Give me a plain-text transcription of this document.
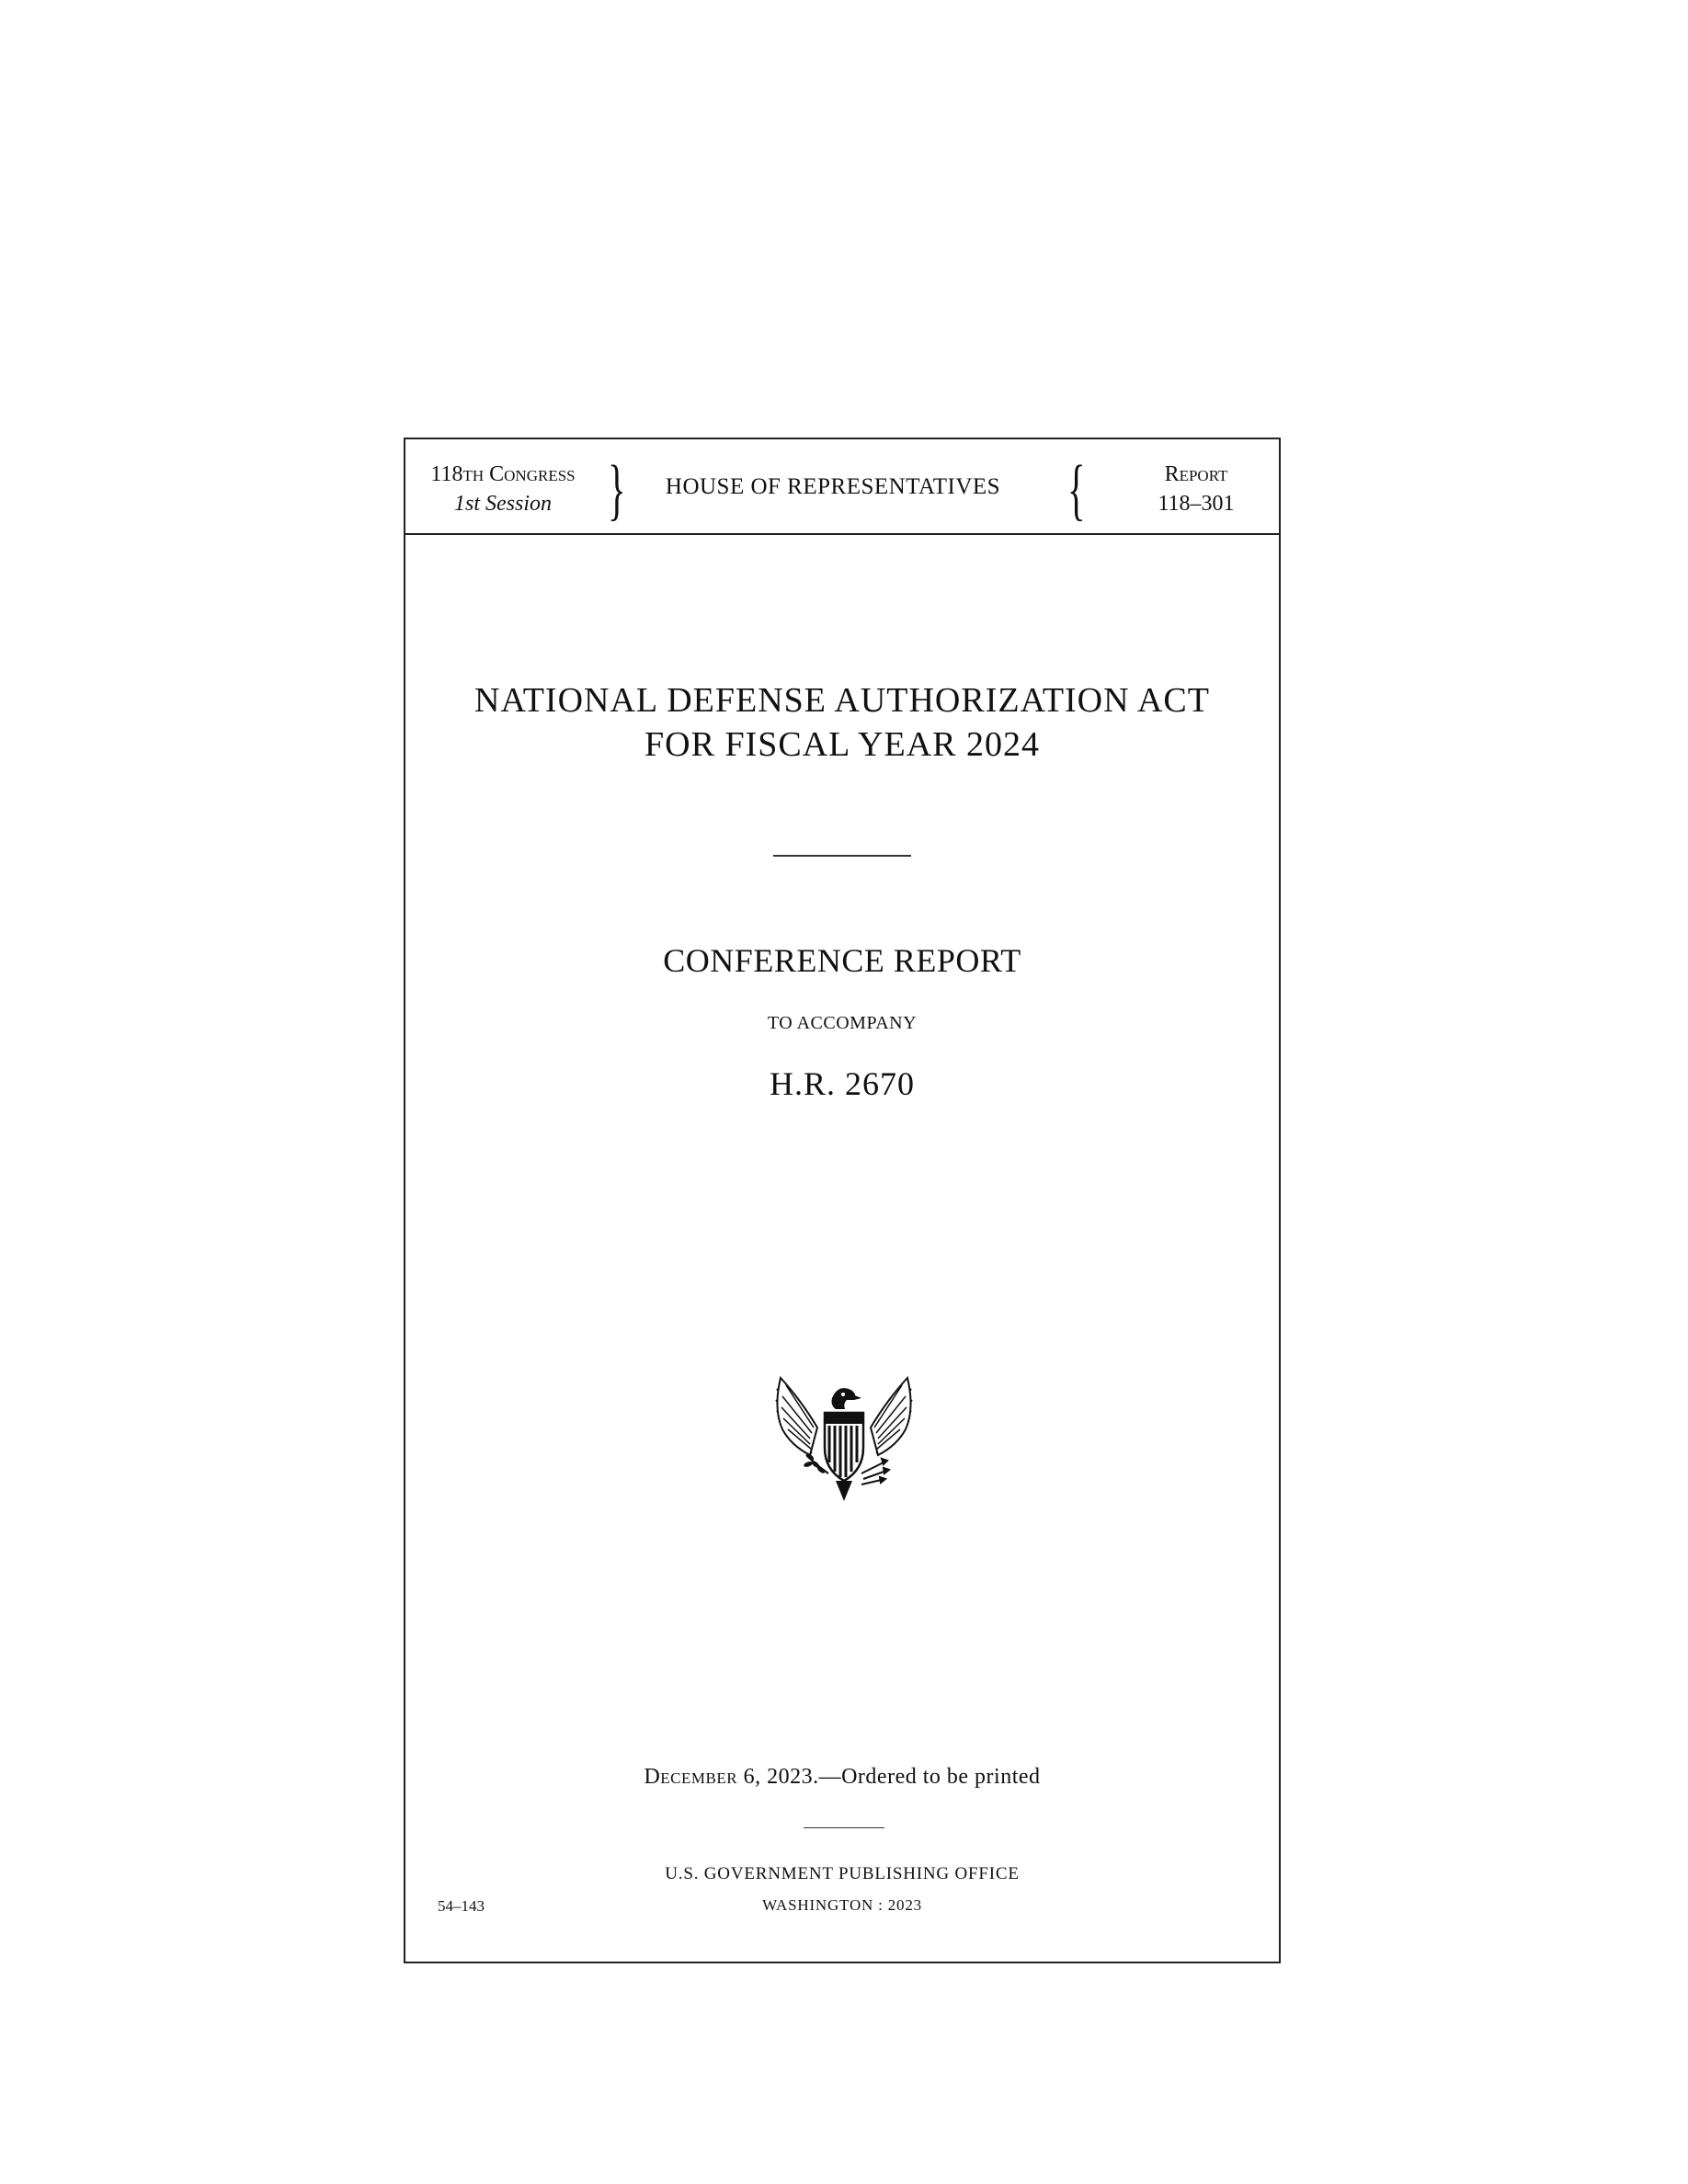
118th Congress
1st Session }	HOUSE OF REPRESENTATIVES {	Report
118–301
NATIONAL DEFENSE AUTHORIZATION ACT
FOR FISCAL YEAR 2024
CONFERENCE REPORT
TO ACCOMPANY
H.R. 2670
December 6, 2023.—Ordered to be printed
U.S. GOVERNMENT PUBLISHING OFFICE
WASHINGTON : 2023
54–143
